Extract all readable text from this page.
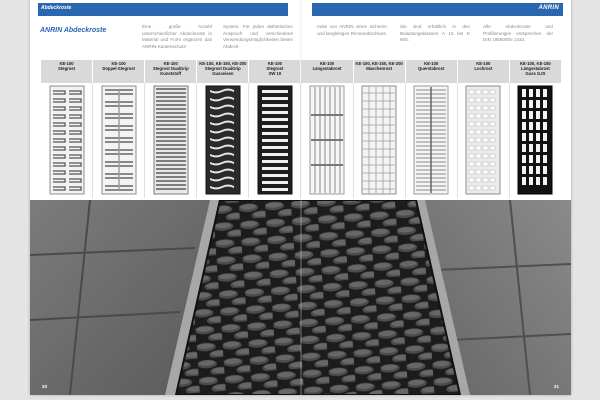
Abdeckroste	ANRIN
ANRIN Abdeckroste

Eine große Anzahl unterschiedlicher Abdeckroste in Material und Form ergänzen das ANRIN-Kantenschutz-

System. Für jeden ästhetischen Anspruch und verschiedene Verwendungsmöglichkeiten bieten Abdeck-

roste von ANRIN einen sicheren und langlebigen Rinnenabschluss.

Sie sind erhältlich in den Belastungsklassen A 15 bis E 600.

Alle Abdeckroste und Profilierungen entsprechen der DIN 19580/EN 1433.

KE-100
Stegrost
KE-100
Doppel-Stegrost
KE-100
Stegrost DualGrip
Kunststoff
KE-100, KE-150, KE-200
Stegrost DualGrip
Gusseisen
KE-100
Stegrost
SW 10
KE-100
Längsstabrost
KE-100, KE-150, KE-200
Maschenrost
KE-100
Querstabrost
KE-100
Lochrost
KE-100, KE-150
Längsstabrost
Guss GJS
20	21
